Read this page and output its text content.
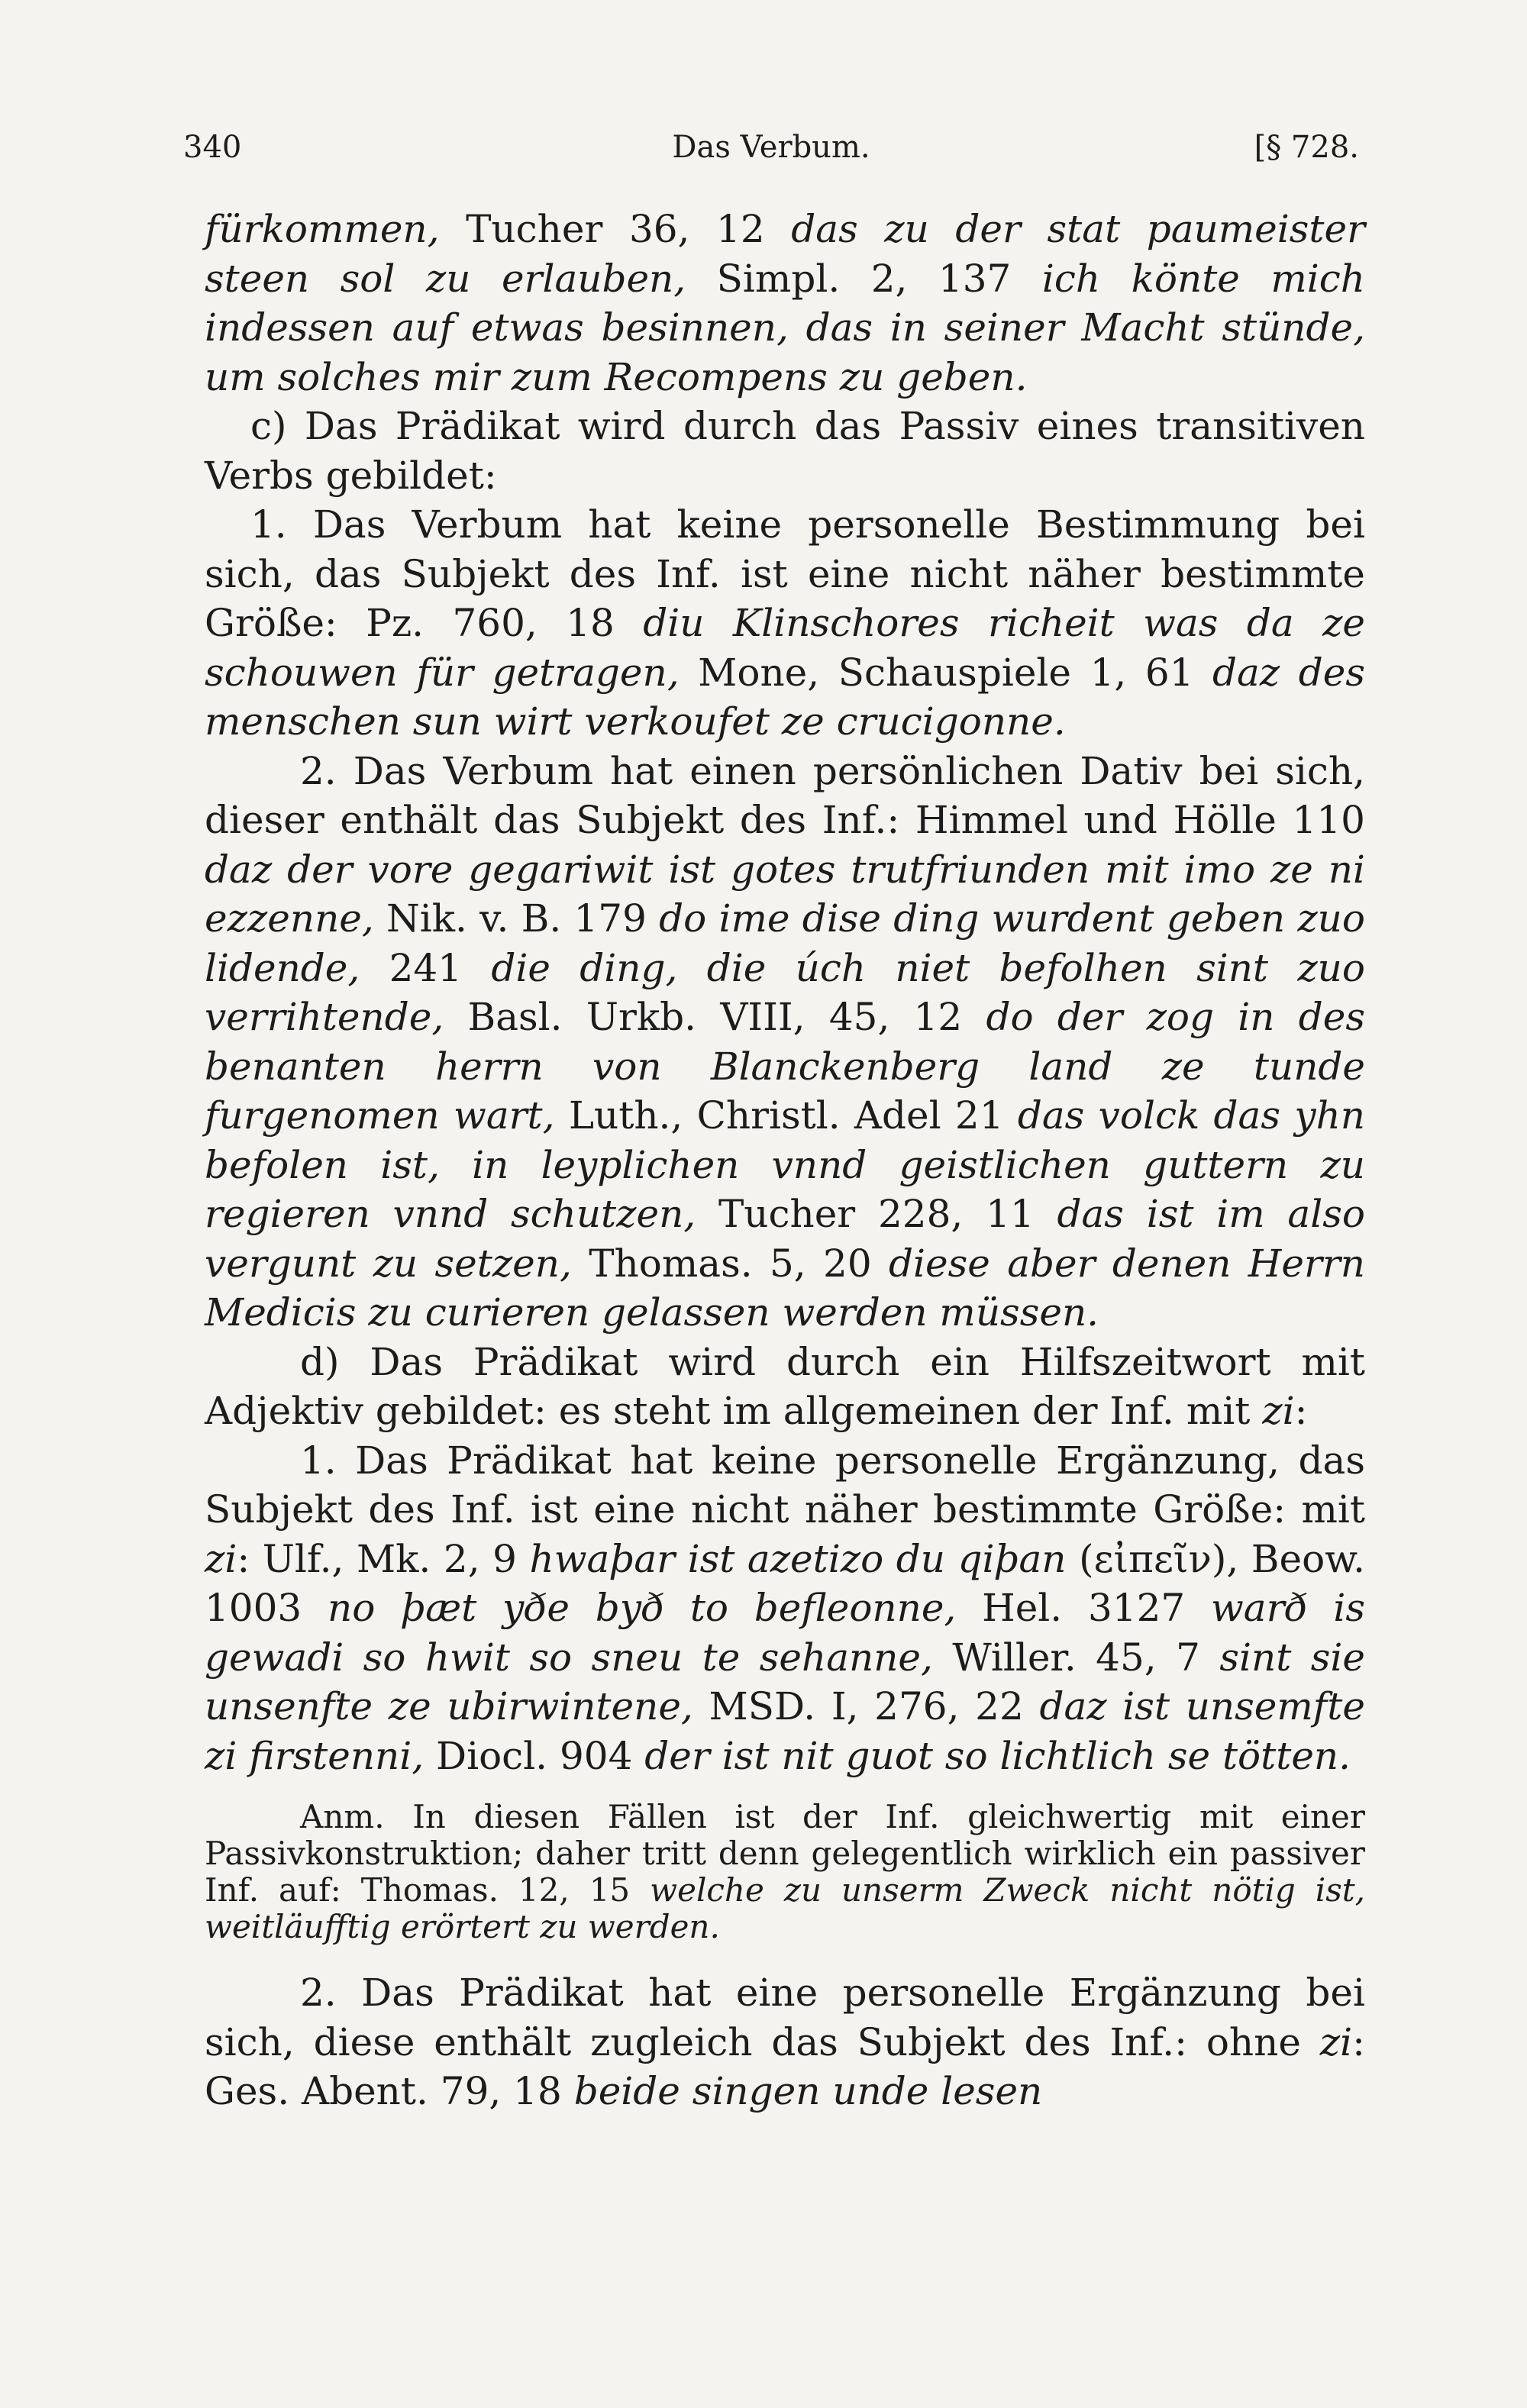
340	Das Verbum.	[§ 728.

fürkommen, Tucher 36, 12 das zu der stat paumeister steen sol zu erlauben, Simpl. 2, 137 ich könte mich indessen auf etwas besinnen, das in seiner Macht stünde, um solches mir zum Recompens zu geben.

c) Das Prädikat wird durch das Passiv eines transitiven Verbs gebildet:

1. Das Verbum hat keine personelle Bestimmung bei sich, das Subjekt des Inf. ist eine nicht näher bestimmte Größe: Pz. 760, 18 diu Klinschores richeit was da ze schouwen für getragen, Mone, Schauspiele 1, 61 daz des menschen sun wirt verkoufet ze crucigonne.

2. Das Verbum hat einen persönlichen Dativ bei sich, dieser enthält das Subjekt des Inf.: Himmel und Hölle 110 daz der vore gegariwit ist gotes trutfriunden mit imo ze ni ezzenne, Nik. v. B. 179 do ime dise ding wurdent geben zuo lidende, 241 die ding, die úch niet befolhen sint zuo verrihtende, Basl. Urkb. VIII, 45, 12 do der zog in des benanten herrn von Blanckenberg land ze tunde furgenomen wart, Luth., Christl. Adel 21 das volck das yhn befolen ist, in leyplichen vnnd geistlichen guttern zu regieren vnnd schutzen, Tucher 228, 11 das ist im also vergunt zu setzen, Thomas. 5, 20 diese aber denen Herrn Medicis zu curieren gelassen werden müssen.

d) Das Prädikat wird durch ein Hilfszeitwort mit Adjektiv gebildet: es steht im allgemeinen der Inf. mit zi:

1. Das Prädikat hat keine personelle Ergänzung, das Subjekt des Inf. ist eine nicht näher bestimmte Größe: mit zi: Ulf., Mk. 2, 9 hwaþar ist azetizo du qiþan (εἰπεῖν), Beow. 1003 no þæt yðe byð to befleonne, Hel. 3127 warð is gewadi so hwit so sneu te sehanne, Willer. 45, 7 sint sie unsenfte ze ubirwintene, MSD. I, 276, 22 daz ist unsemfte zi firstenni, Diocl. 904 der ist nit guot so lichtlich se tötten.

Anm. In diesen Fällen ist der Inf. gleichwertig mit einer Passivkonstruktion; daher tritt denn gelegentlich wirklich ein passiver Inf. auf: Thomas. 12, 15 welche zu unserm Zweck nicht nötig ist, weitläufftig erörtert zu werden.

2. Das Prädikat hat eine personelle Ergänzung bei sich, diese enthält zugleich das Subjekt des Inf.: ohne zi: Ges. Abent. 79, 18 beide singen unde lesen
